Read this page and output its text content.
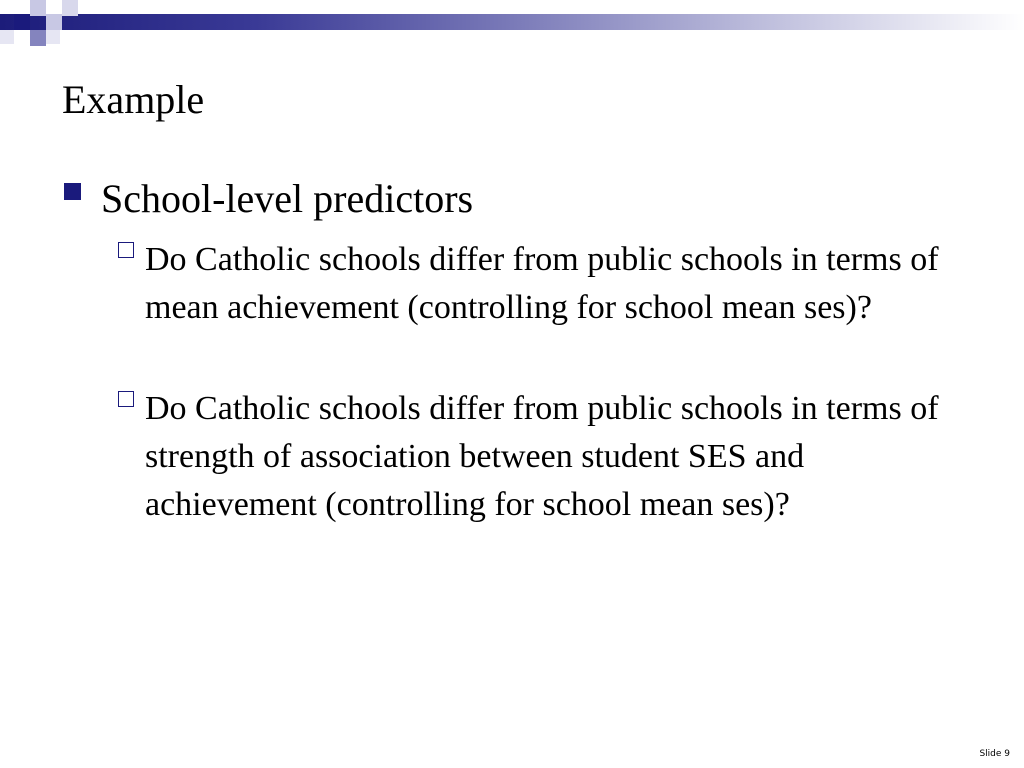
Example
School-level predictors
Do Catholic schools differ from public schools in terms of mean achievement (controlling for school mean ses)?
Do Catholic schools differ from public schools in terms of strength of association between student SES and achievement (controlling for school mean ses)?
Slide 9
